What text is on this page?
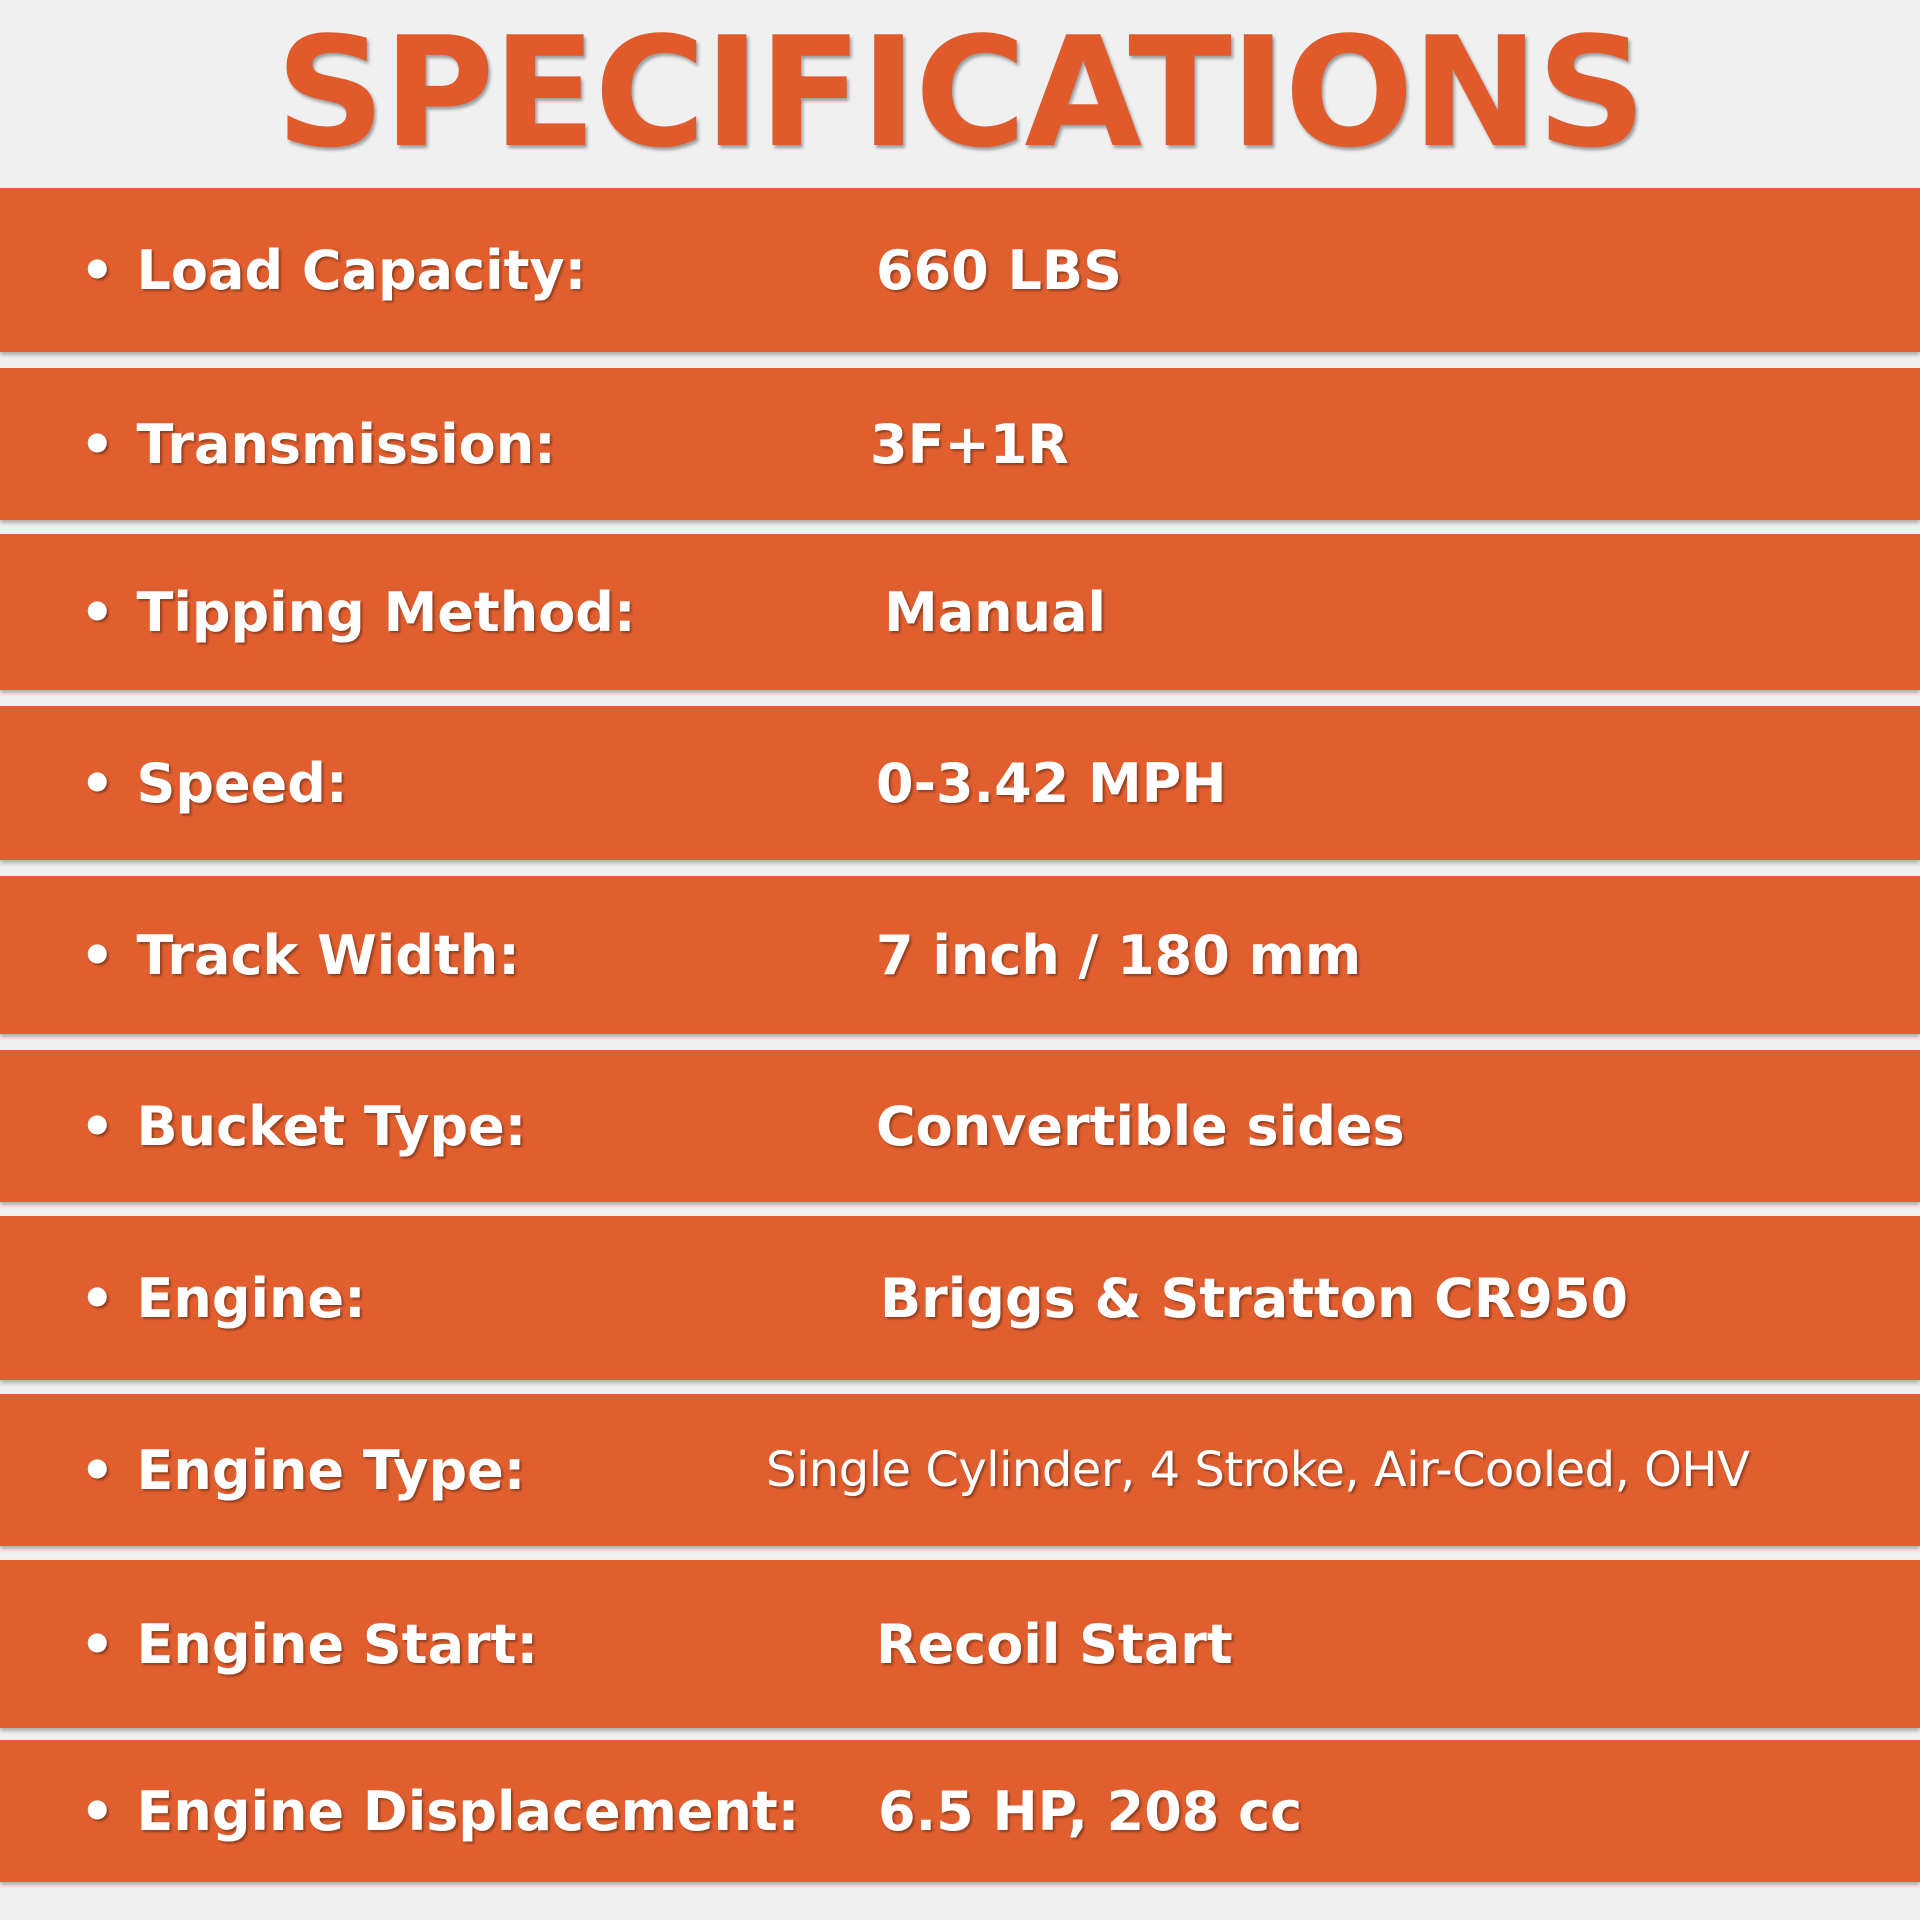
SPECIFICATIONS
• Load Capacity:	660 LBS
• Transmission:	3F+1R
• Tipping Method:	Manual
• Speed:	0-3.42 MPH
• Track Width:	7 inch / 180 mm
• Bucket Type:	Convertible sides
• Engine:	Briggs & Stratton CR950
• Engine Type:	Single Cylinder, 4 Stroke, Air-Cooled, OHV
• Engine Start:	Recoil Start
• Engine Displacement: 6.5 HP, 208 cc
